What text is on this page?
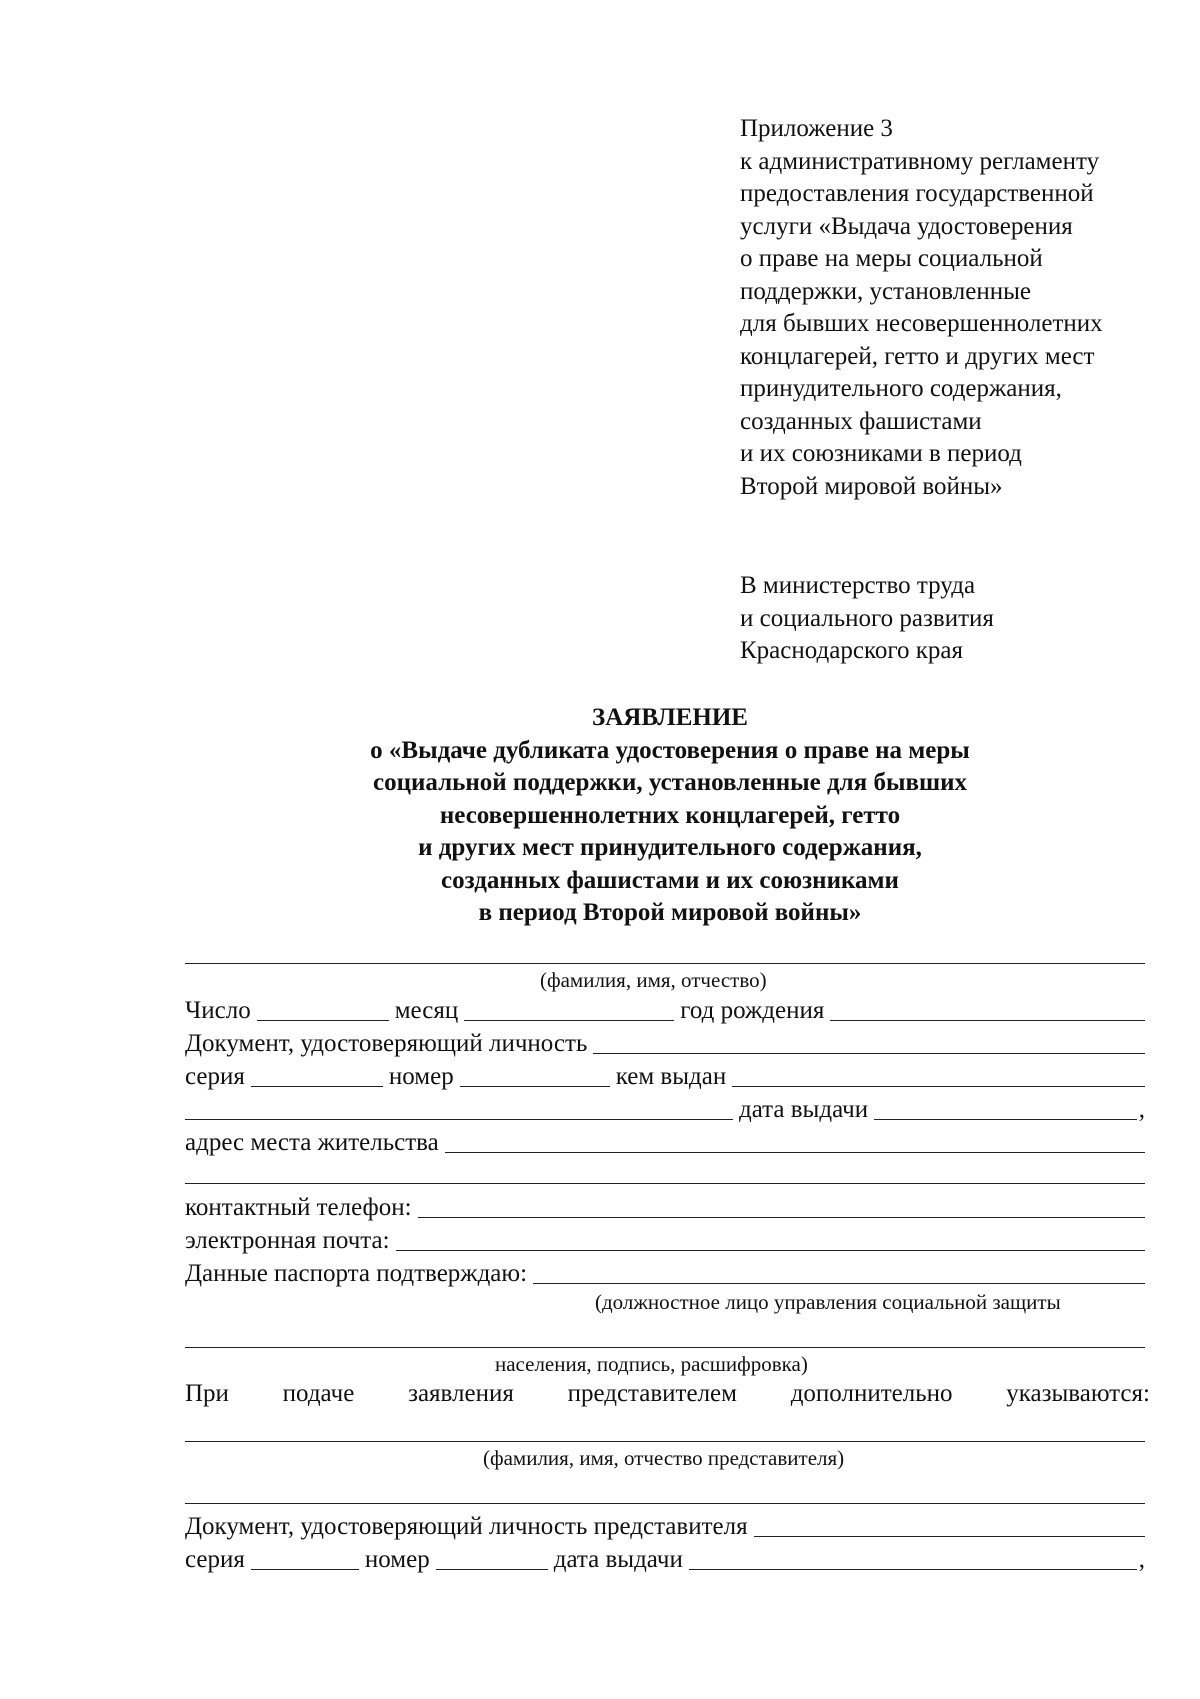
Приложение 3
к административному регламенту
предоставления государственной
услуги «Выдача удостоверения
о праве на меры социальной
поддержки, установленные
для бывших несовершеннолетних
концлагерей, гетто и других мест
принудительного содержания,
созданных фашистами
и их союзниками в период
Второй мировой войны»
В министерство труда
и социального развития
Краснодарского края
ЗАЯВЛЕНИЕ
о «Выдаче дубликата удостоверения о праве на меры
социальной поддержки, установленные для бывших
несовершеннолетних концлагерей, гетто
и других мест принудительного содержания,
созданных фашистами и их союзниками
в период Второй мировой войны»
(фамилия, имя, отчество)
Число	месяц	год рождения
Документ, удостоверяющий личность
серия	номер	кем выдан
дата выдачи	,
адрес места жительства
контактный телефон:
электронная почта:
Данные паспорта подтверждаю:
(должностное лицо управления социальной защиты
населения, подпись, расшифровка)
При подаче заявления представителем дополнительно указываются:
(фамилия, имя, отчество представителя)
Документ, удостоверяющий личность представителя
серия	номер	дата выдачи	,
